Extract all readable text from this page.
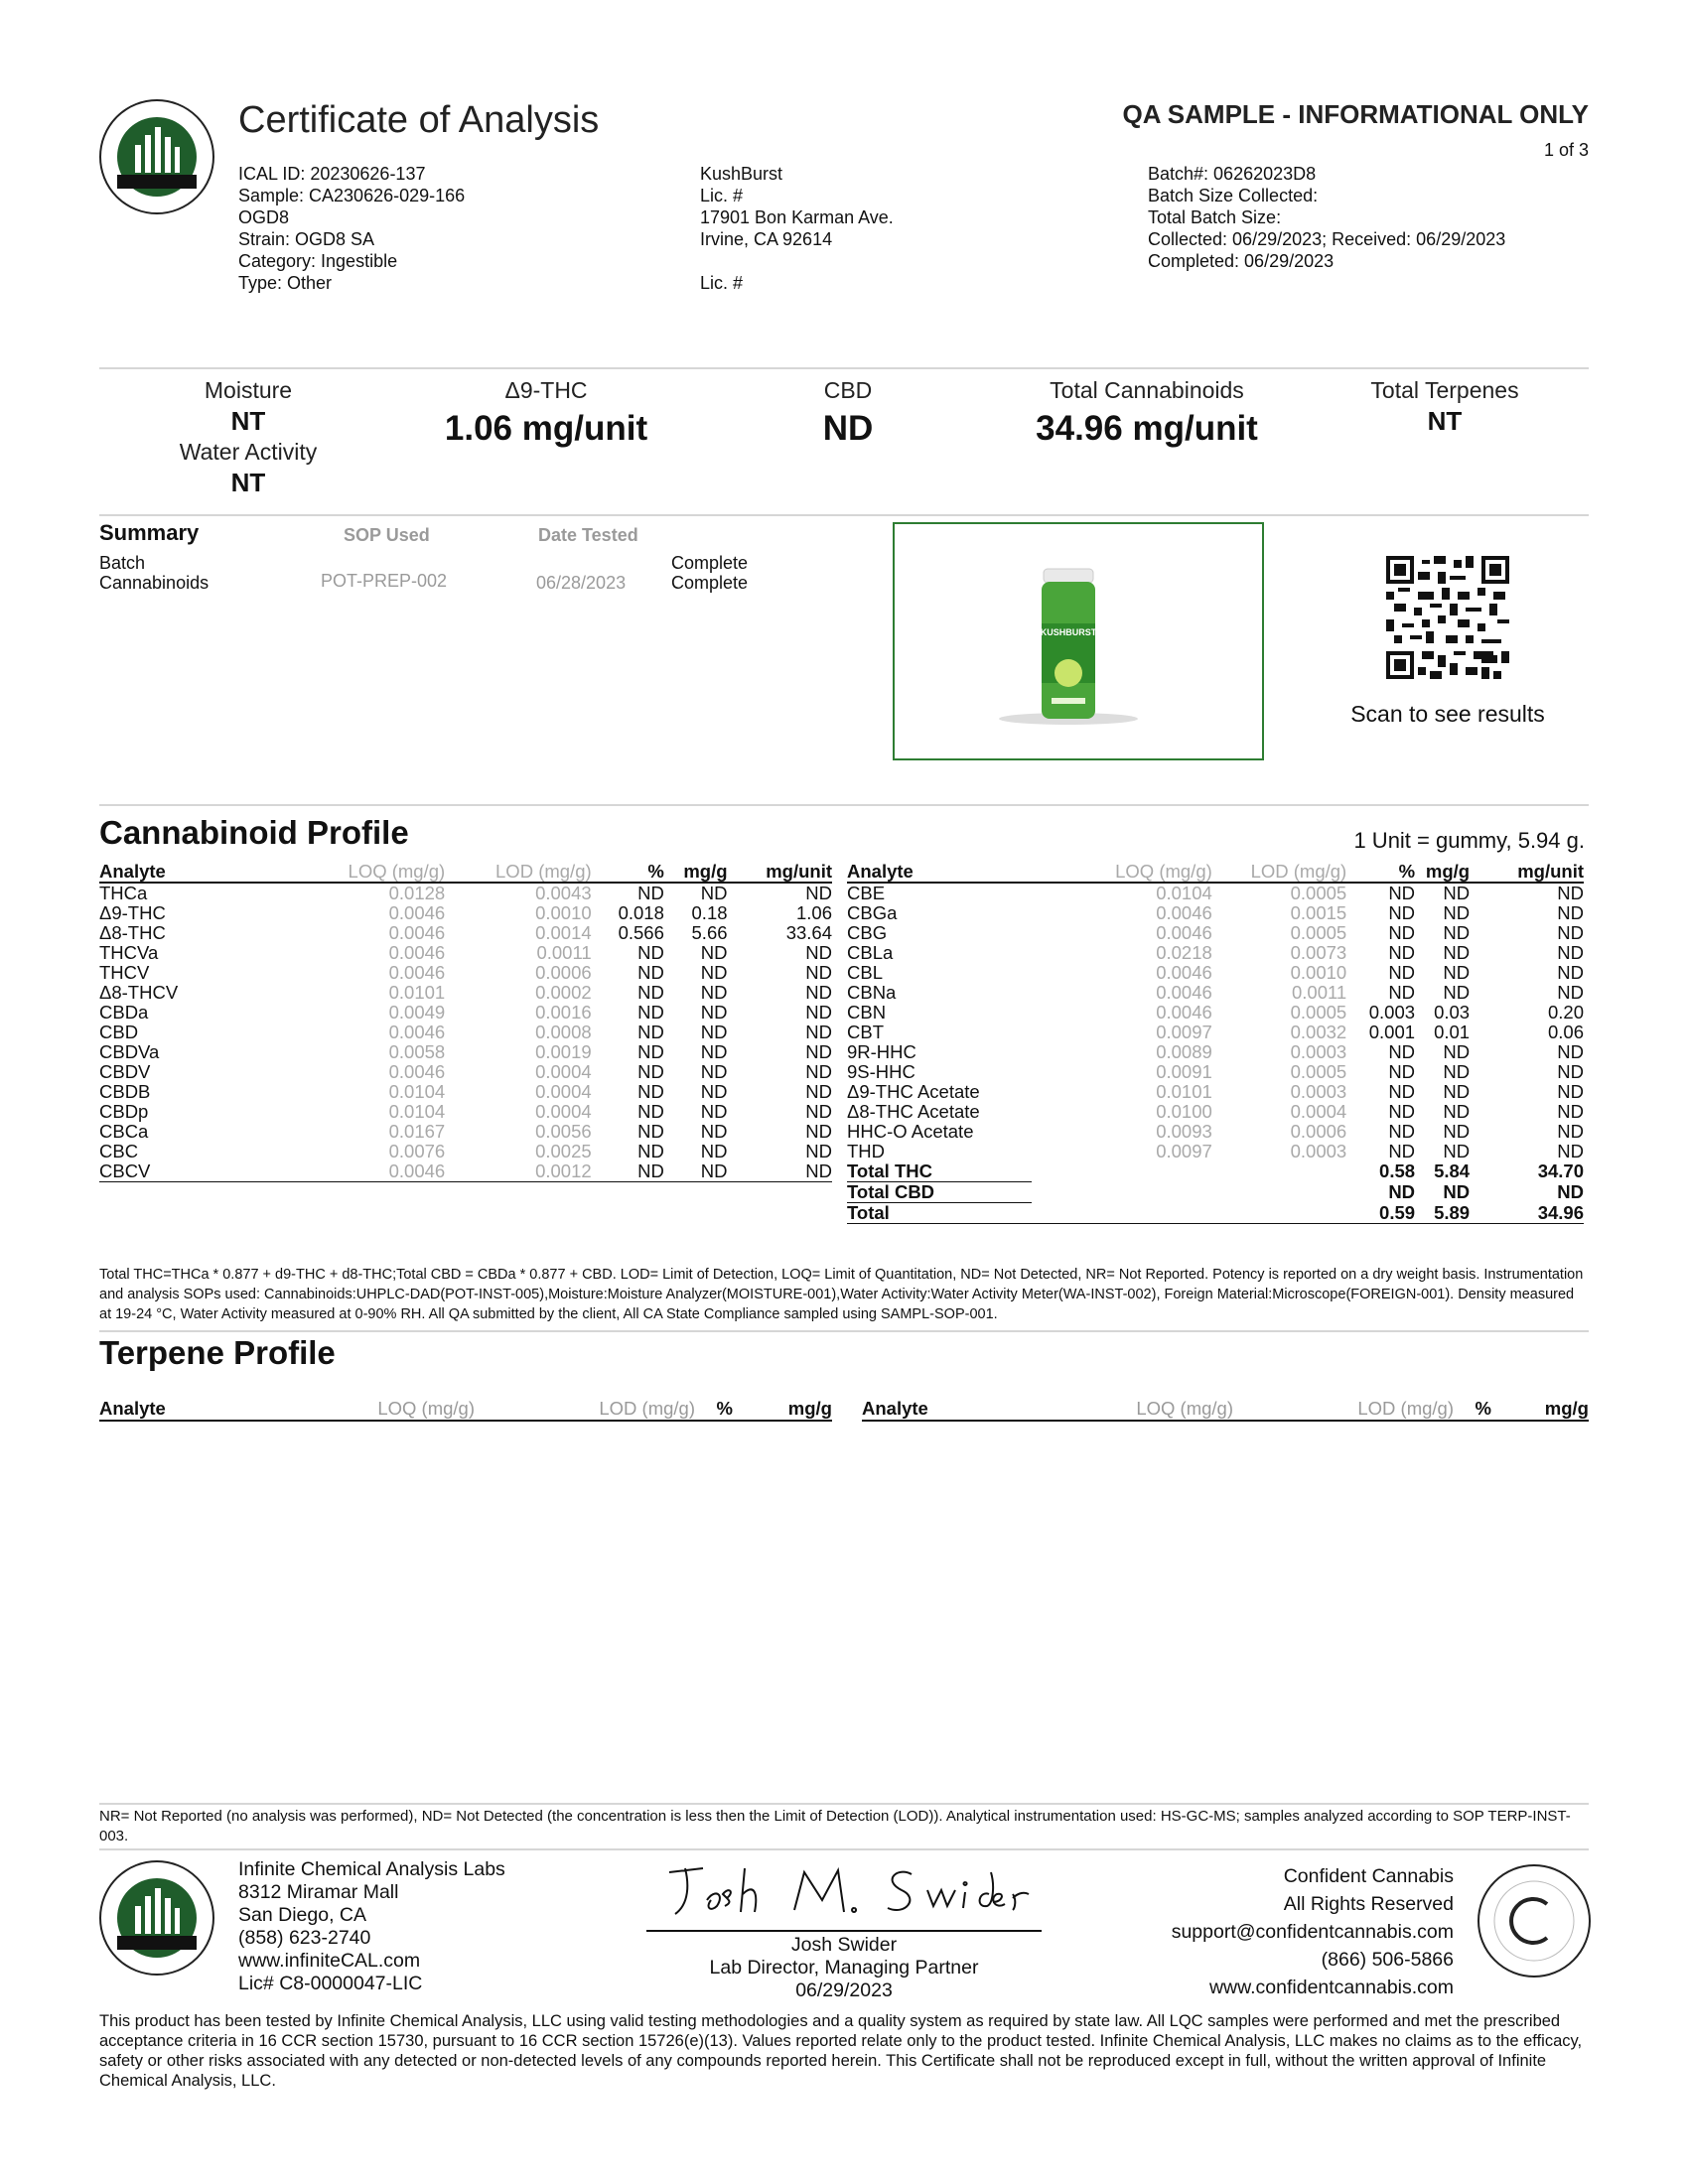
Certificate of Analysis	QA SAMPLE - INFORMATIONAL ONLY
1 of 3
ICAL ID: 20230626-137
Sample: CA230626-029-166
OGD8
Strain: OGD8 SA
Category: Ingestible
Type: Other
KushBurst
Lic. #
17901 Bon Karman Ave.
Irvine, CA 92614
Lic. #
Batch#: 06262023D8
Batch Size Collected:
Total Batch Size:
Collected: 06/29/2023; Received: 06/29/2023
Completed: 06/29/2023
Moisture
NT
Water Activity
NT
Δ9-THC
1.06 mg/unit
CBD
ND
Total Cannabinoids
34.96 mg/unit
Total Terpenes
NT
Summary	SOP Used	Date Tested
Batch	Complete
Cannabinoids	POT-PREP-002	06/28/2023	Complete
KUSHBURST
Scan to see results
Cannabinoid Profile	1 Unit = gummy, 5.94 g.
Analyte	LOQ (mg/g)	LOD (mg/g)	%	mg/g	mg/unit
THCa	0.0128	0.0043	ND	ND	ND
Δ9-THC	0.0046	0.0010	0.018	0.18	1.06
Δ8-THC	0.0046	0.0014	0.566	5.66	33.64
THCVa	0.0046	0.0011	ND	ND	ND
THCV	0.0046	0.0006	ND	ND	ND
Δ8-THCV	0.0101	0.0002	ND	ND	ND
CBDa	0.0049	0.0016	ND	ND	ND
CBD	0.0046	0.0008	ND	ND	ND
CBDVa	0.0058	0.0019	ND	ND	ND
CBDV	0.0046	0.0004	ND	ND	ND
CBDB	0.0104	0.0004	ND	ND	ND
CBDp	0.0104	0.0004	ND	ND	ND
CBCa	0.0167	0.0056	ND	ND	ND
CBC	0.0076	0.0025	ND	ND	ND
CBCV	0.0046	0.0012	ND	ND	ND
Analyte	LOQ (mg/g)	LOD (mg/g)	%	mg/g	mg/unit
CBE	0.0104	0.0005	ND	ND	ND
CBGa	0.0046	0.0015	ND	ND	ND
CBG	0.0046	0.0005	ND	ND	ND
CBLa	0.0218	0.0073	ND	ND	ND
CBL	0.0046	0.0010	ND	ND	ND
CBNa	0.0046	0.0011	ND	ND	ND
CBN	0.0046	0.0005	0.003	0.03	0.20
CBT	0.0097	0.0032	0.001	0.01	0.06
9R-HHC	0.0089	0.0003	ND	ND	ND
9S-HHC	0.0091	0.0005	ND	ND	ND
Δ9-THC Acetate	0.0101	0.0003	ND	ND	ND
Δ8-THC Acetate	0.0100	0.0004	ND	ND	ND
HHC-O Acetate	0.0093	0.0006	ND	ND	ND
THD	0.0097	0.0003	ND	ND	ND
Total THC			0.58	5.84	34.70
Total CBD			ND	ND	ND
Total			0.59	5.89	34.96
Total THC=THCa * 0.877 + d9-THC + d8-THC;Total CBD = CBDa * 0.877 + CBD. LOD= Limit of Detection, LOQ= Limit of Quantitation, ND= Not Detected, NR= Not Reported. Potency is reported on a dry weight basis. Instrumentation and analysis SOPs used: Cannabinoids:UHPLC-DAD(POT-INST-005),Moisture:Moisture Analyzer(MOISTURE-001),Water Activity:Water Activity Meter(WA-INST-002), Foreign Material:Microscope(FOREIGN-001). Density measured at 19-24 °C, Water Activity measured at 0-90% RH. All QA submitted by the client, All CA State Compliance sampled using SAMPL-SOP-001.
Terpene Profile
Analyte	LOQ (mg/g)	LOD (mg/g) %	mg/g Analyte	LOQ (mg/g)	LOD (mg/g) %	mg/g
NR= Not Reported (no analysis was performed), ND= Not Detected (the concentration is less then the Limit of Detection (LOD)). Analytical instrumentation used: HS-GC-MS; samples analyzed according to SOP TERP-INST-003.
Infinite Chemical Analysis Labs
8312 Miramar Mall
San Diego, CA
(858) 623-2740
www.infiniteCAL.com
Lic# C8-0000047-LIC
Josh Swider
Lab Director, Managing Partner
06/29/2023
Confident Cannabis
All Rights Reserved
support@confidentcannabis.com
(866) 506-5866
www.confidentcannabis.com
This product has been tested by Infinite Chemical Analysis, LLC using valid testing methodologies and a quality system as required by state law. All LQC samples were performed and met the prescribed acceptance criteria in 16 CCR section 15730, pursuant to 16 CCR section 15726(e)(13). Values reported relate only to the product tested. Infinite Chemical Analysis, LLC makes no claims as to the efficacy, safety or other risks associated with any detected or non-detected levels of any compounds reported herein. This Certificate shall not be reproduced except in full, without the written approval of Infinite Chemical Analysis, LLC.
